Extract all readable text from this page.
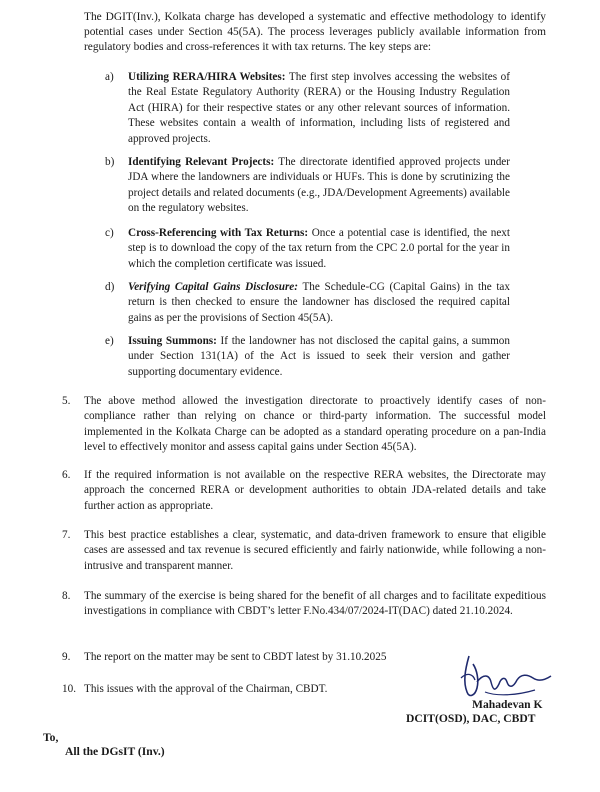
The DGIT(Inv.), Kolkata charge has developed a systematic and effective methodology to identify potential cases under Section 45(5A). The process leverages publicly available information from regulatory bodies and cross-references it with tax returns. The key steps are:
a) Utilizing RERA/HIRA Websites: The first step involves accessing the websites of the Real Estate Regulatory Authority (RERA) or the Housing Industry Regulation Act (HIRA) for their respective states or any other relevant sources of information. These websites contain a wealth of information, including lists of registered and approved projects.
b) Identifying Relevant Projects: The directorate identified approved projects under JDA where the landowners are individuals or HUFs. This is done by scrutinizing the project details and related documents (e.g., JDA/Development Agreements) available on the regulatory websites.
c) Cross-Referencing with Tax Returns: Once a potential case is identified, the next step is to download the copy of the tax return from the CPC 2.0 portal for the year in which the completion certificate was issued.
d) Verifying Capital Gains Disclosure: The Schedule-CG (Capital Gains) in the tax return is then checked to ensure the landowner has disclosed the required capital gains as per the provisions of Section 45(5A).
e) Issuing Summons: If the landowner has not disclosed the capital gains, a summon under Section 131(1A) of the Act is issued to seek their version and gather supporting documentary evidence.
5. The above method allowed the investigation directorate to proactively identify cases of non-compliance rather than relying on chance or third-party information. The successful model implemented in the Kolkata Charge can be adopted as a standard operating procedure on a pan-India level to effectively monitor and assess capital gains under Section 45(5A).
6. If the required information is not available on the respective RERA websites, the Directorate may approach the concerned RERA or development authorities to obtain JDA-related details and take further action as appropriate.
7. This best practice establishes a clear, systematic, and data-driven framework to ensure that eligible cases are assessed and tax revenue is secured efficiently and fairly nationwide, while following a non-intrusive and transparent manner.
8. The summary of the exercise is being shared for the benefit of all charges and to facilitate expeditious investigations in compliance with CBDT’s letter F.No.434/07/2024-IT(DAC) dated 21.10.2024.
9. The report on the matter may be sent to CBDT latest by 31.10.2025
10. This issues with the approval of the Chairman, CBDT.
Mahadevan K
DCIT(OSD), DAC, CBDT
To,
All the DGsIT (Inv.)
